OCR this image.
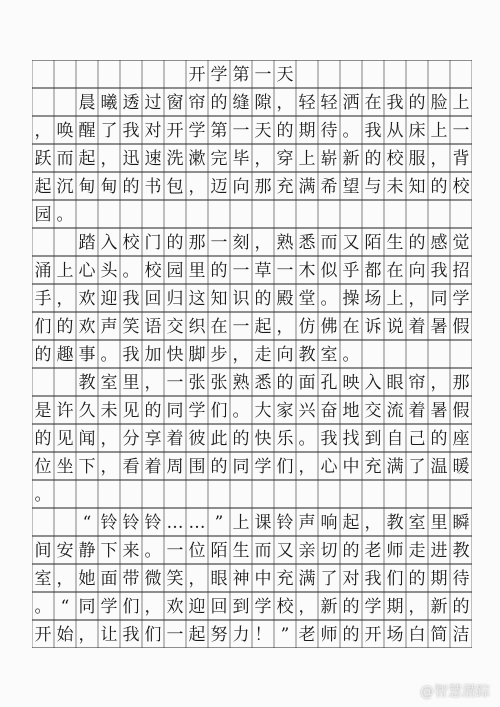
开 学 第 一 天
晨 曦 透 过 窗 帘 的 缝 隙 ， 轻 轻 洒 在 我 的 脸 上
， 唤 醒 了 我 对 开 学 第 一 天 的 期 待 。 我 从 床 上 一
跃 而 起 ， 迅 速 洗 漱 完 毕 ， 穿 上 崭 新 的 校 服 ， 背
起 沉 甸 甸 的 书 包 ， 迈 向 那 充 满 希 望 与 未 知 的 校
园 。
踏 入 校 门 的 那 一 刻 ， 熟 悉 而 又 陌 生 的 感 觉
涌 上 心 头 。 校 园 里 的 一 草 一 木 似 乎 都 在 向 我 招
手 ， 欢 迎 我 回 归 这 知 识 的 殿 堂 。 操 场 上 ， 同 学
们 的 欢 声 笑 语 交 织 在 一 起 ， 仿 佛 在 诉 说 着 暑 假
的 趣 事 。 我 加 快 脚 步 ， 走 向 教 室 。
教 室 里 ， 一 张 张 熟 悉 的 面 孔 映 入 眼 帘 ， 那
是 许 久 未 见 的 同 学 们 。 大 家 兴 奋 地 交 流 着 暑 假
的 见 闻 ， 分 享 着 彼 此 的 快 乐 。 我 找 到 自 己 的 座
位 坐 下 ， 看 着 周 围 的 同 学 们 ， 心 中 充 满 了 温 暖
。
“ 铃 铃 铃 … … ” 上 课 铃 声 响 起 ， 教 室 里 瞬
间 安 静 下 来 。 一 位 陌 生 而 又 亲 切 的 老 师 走 进 教
室 ， 她 面 带 微 笑 ， 眼 神 中 充 满 了 对 我 们 的 期 待
。 “ 同 学 们 ， 欢 迎 回 到 学 校 ， 新 的 学 期 ， 新 的
开 始 ， 让 我 们 一 起 努 力 ！ ” 老 师 的 开 场 白 简 洁
@智慧潜踪
